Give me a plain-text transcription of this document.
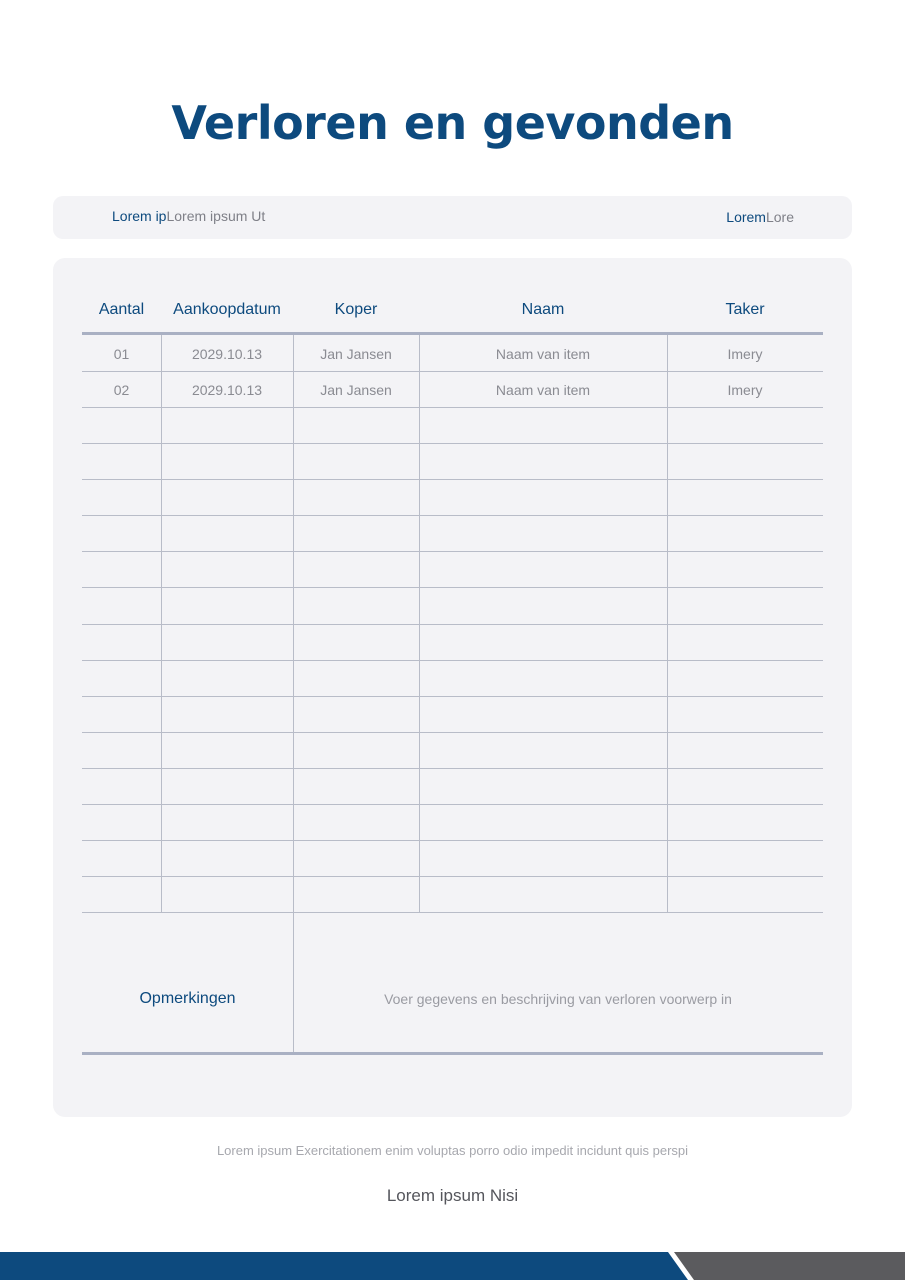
Verloren en gevonden
Lorem ipLorem ipsum Ut	LoremLore
Aantal	Aankoopdatum	Koper	Naam	Taker
01	2029.10.13	Jan Jansen	Naam van item	Imery
02	2029.10.13	Jan Jansen	Naam van item	Imery
Opmerkingen	Voer gegevens en beschrijving van verloren voorwerp in
Lorem ipsum Exercitationem enim voluptas porro odio impedit incidunt quis perspi
Lorem ipsum Nisi
